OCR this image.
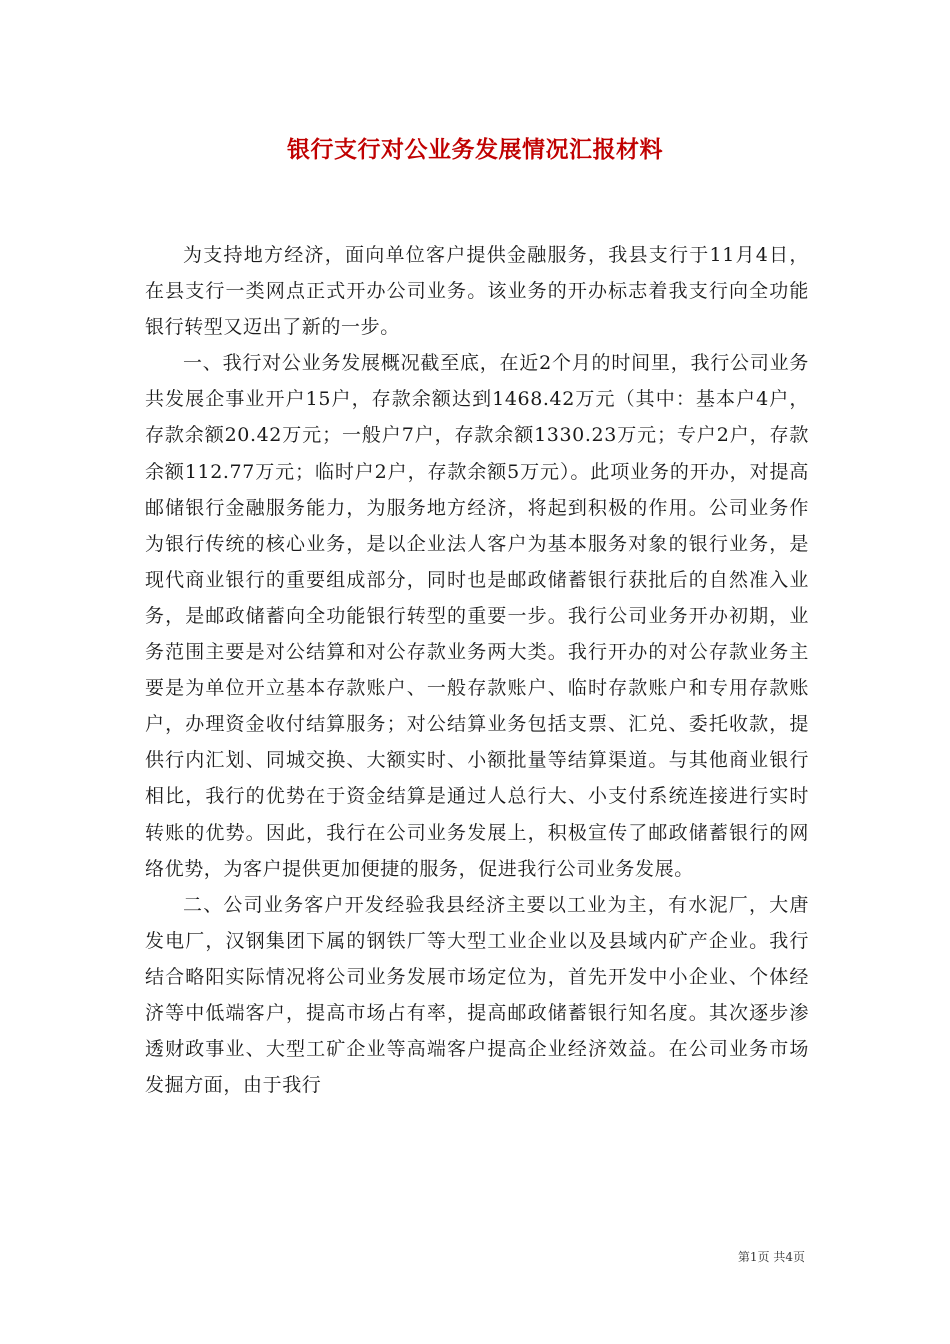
银行支行对公业务发展情况汇报材料

为支持地方经济，面向单位客户提供金融服务，我县支行于11月4日，在县支行一类网点正式开办公司业务。该业务的开办标志着我支行向全功能银行转型又迈出了新的一步。

一、我行对公业务发展概况截至底，在近2个月的时间里，我行公司业务共发展企事业开户15户，存款余额达到1468.42万元（其中：基本户4户，存款余额20.42万元；一般户7户，存款余额1330.23万元；专户2户，存款余额112.77万元；临时户2户，存款余额5万元）。此项业务的开办，对提高邮储银行金融服务能力，为服务地方经济，将起到积极的作用。公司业务作为银行传统的核心业务，是以企业法人客户为基本服务对象的银行业务，是现代商业银行的重要组成部分，同时也是邮政储蓄银行获批后的自然准入业务，是邮政储蓄向全功能银行转型的重要一步。我行公司业务开办初期，业务范围主要是对公结算和对公存款业务两大类。我行开办的对公存款业务主要是为单位开立基本存款账户、一般存款账户、临时存款账户和专用存款账户，办理资金收付结算服务；对公结算业务包括支票、汇兑、委托收款，提供行内汇划、同城交换、大额实时、小额批量等结算渠道。与其他商业银行相比，我行的优势在于资金结算是通过人总行大、小支付系统连接进行实时转账的优势。因此，我行在公司业务发展上，积极宣传了邮政储蓄银行的网络优势，为客户提供更加便捷的服务，促进我行公司业务发展。

二、公司业务客户开发经验我县经济主要以工业为主，有水泥厂，大唐发电厂，汉钢集团下属的钢铁厂等大型工业企业以及县域内矿产企业。我行结合略阳实际情况将公司业务发展市场定位为，首先开发中小企业、个体经济等中低端客户，提高市场占有率，提高邮政储蓄银行知名度。其次逐步渗透财政事业、大型工矿企业等高端客户提高企业经济效益。在公司业务市场发掘方面，由于我行

第1页 共4页
